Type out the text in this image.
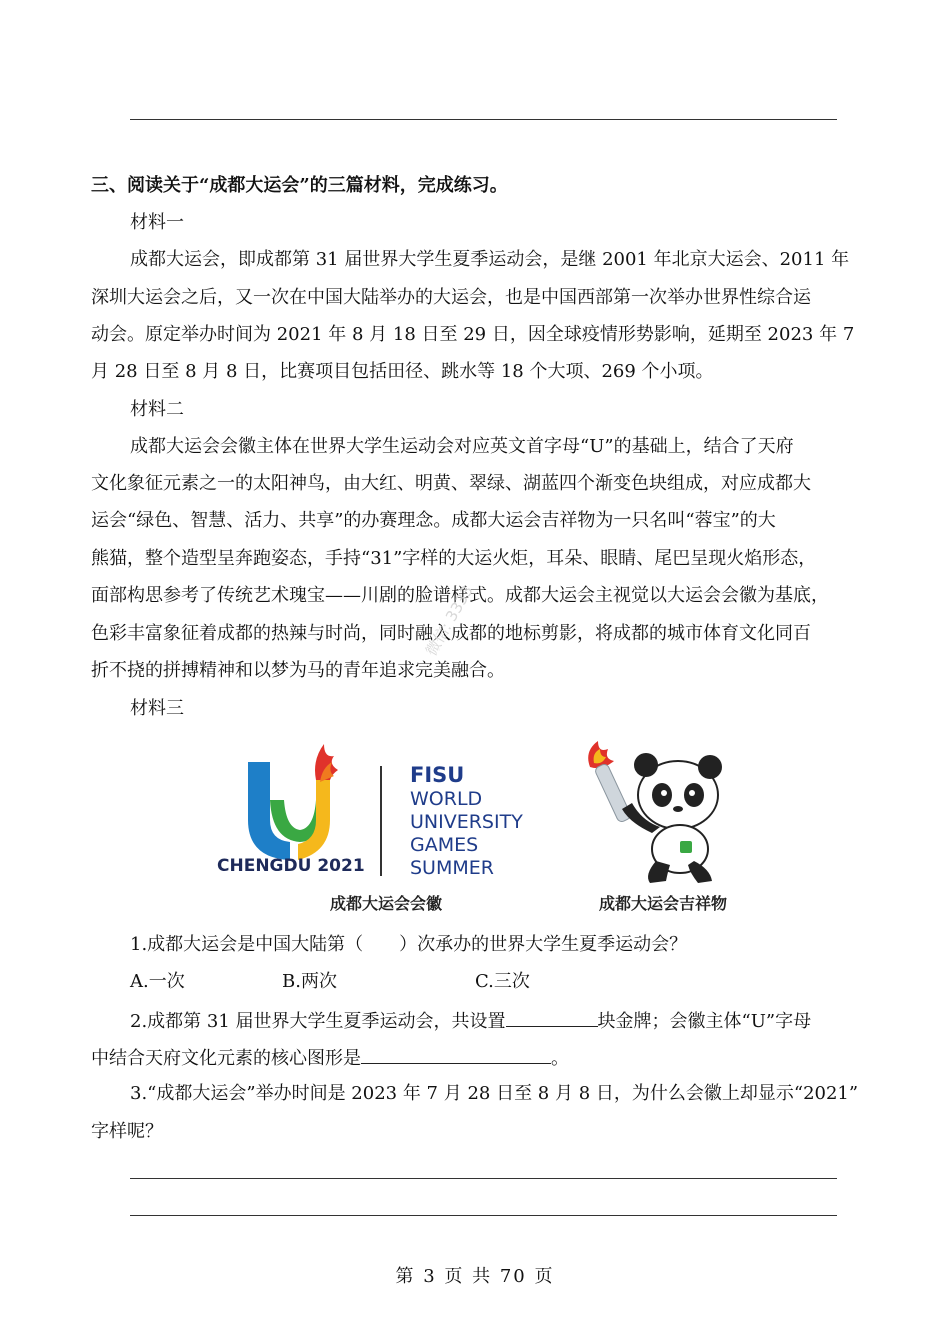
三、阅读关于“成都大运会”的三篇材料，完成练习。
材料一
成都大运会，即成都第 31 届世界大学生夏季运动会，是继 2001 年北京大运会、2011 年
深圳大运会之后，又一次在中国大陆举办的大运会，也是中国西部第一次举办世界性综合运
动会。原定举办时间为 2021 年 8 月 18 日至 29 日，因全球疫情形势影响，延期至 2023 年 7
月 28 日至 8 月 8 日，比赛项目包括田径、跳水等 18 个大项、269 个小项。
材料二
成都大运会会徽主体在世界大学生运动会对应英文首字母“U”的基础上，结合了天府
文化象征元素之一的太阳神鸟，由大红、明黄、翠绿、湖蓝四个渐变色块组成，对应成都大
运会“绿色、智慧、活力、共享”的办赛理念。成都大运会吉祥物为一只名叫“蓉宝”的大
熊猫，整个造型呈奔跑姿态，手持“31”字样的大运火炬，耳朵、眼睛、尾巴呈现火焰形态，
面部构思参考了传统艺术瑰宝——川剧的脸谱样式。成都大运会主视觉以大运会会徽为基底，
色彩丰富象征着成都的热辣与时尚，同时融入成都的地标剪影，将成都的城市体育文化同百
折不挠的拼搏精神和以梦为马的青年追求完美融合。
微信: 3333
材料三
CHENGDU 2021
FISU
WORLD
UNIVERSITY
GAMES
SUMMER
成都大运会会徽	成都大运会吉祥物
1.成都大运会是中国大陆第（　　）次承办的世界大学生夏季运动会？
A.一次	B.两次	C.三次
2.成都第 31 届世界大学生夏季运动会，共设置	块金牌；会徽主体“U”字母
中结合天府文化元素的核心图形是	。
3.“成都大运会”举办时间是 2023 年 7 月 28 日至 8 月 8 日，为什么会徽上却显示“2021”
字样呢？
第 3 页 共 70 页
